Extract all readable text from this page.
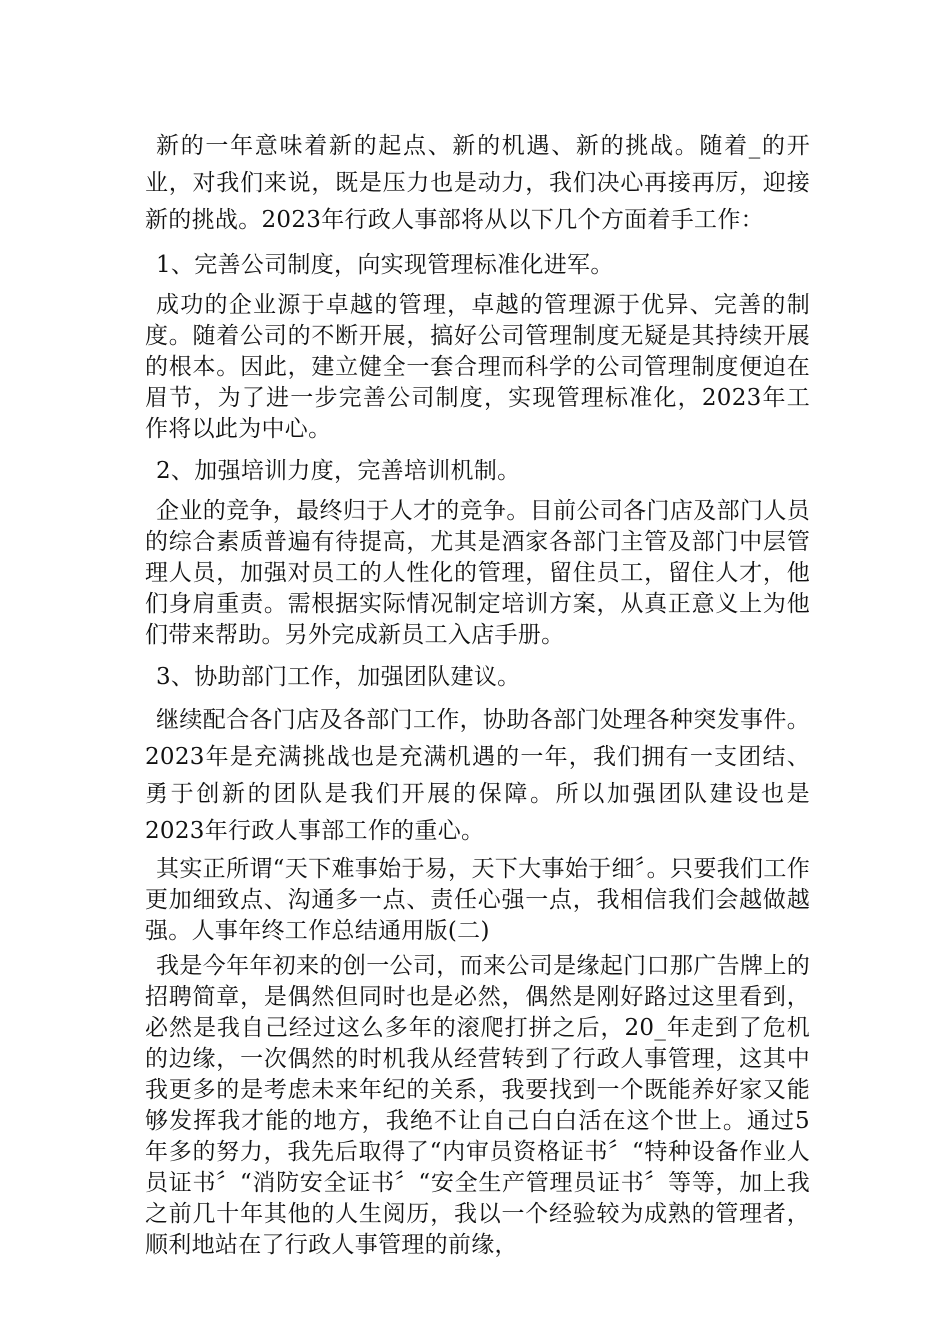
新的一年意味着新的起点、新的机遇、新的挑战。随着_的开业，对我们来说，既是压力也是动力，我们决心再接再厉，迎接新的挑战。2023年行政人事部将从以下几个方面着手工作：

1、完善公司制度，向实现管理标准化进军。

成功的企业源于卓越的管理，卓越的管理源于优异、完善的制度。随着公司的不断开展，搞好公司管理制度无疑是其持续开展的根本。因此，建立健全一套合理而科学的公司管理制度便迫在眉节，为了进一步完善公司制度，实现管理标准化，2023年工作将以此为中心。

2、加强培训力度，完善培训机制。

企业的竞争，最终归于人才的竞争。目前公司各门店及部门人员的综合素质普遍有待提高，尤其是酒家各部门主管及部门中层管理人员，加强对员工的人性化的管理，留住员工，留住人才，他们身肩重责。需根据实际情况制定培训方案，从真正意义上为他们带来帮助。另外完成新员工入店手册。

3、协助部门工作，加强团队建议。

继续配合各门店及各部门工作，协助各部门处理各种突发事件。2023年是充满挑战也是充满机遇的一年，我们拥有一支团结、勇于创新的团队是我们开展的保障。所以加强团队建设也是2023年行政人事部工作的重心。

其实正所谓“天下难事始于易，天下大事始于细〞。只要我们工作更加细致点、沟通多一点、责任心强一点，我相信我们会越做越强。人事年终工作总结通用版(二)

我是今年年初来的创一公司，而来公司是缘起门口那广告牌上的招聘简章，是偶然但同时也是必然，偶然是刚好路过这里看到，必然是我自己经过这么多年的滚爬打拼之后，20_年走到了危机的边缘，一次偶然的时机我从经营转到了行政人事管理，这其中我更多的是考虑未来年纪的关系，我要找到一个既能养好家又能够发挥我才能的地方，我绝不让自己白白活在这个世上。通过5年多的努力，我先后取得了“内审员资格证书〞“特种设备作业人员证书〞“消防安全证书〞“安全生产管理员证书〞等等，加上我之前几十年其他的人生阅历，我以一个经验较为成熟的管理者，顺利地站在了行政人事管理的前缘，
